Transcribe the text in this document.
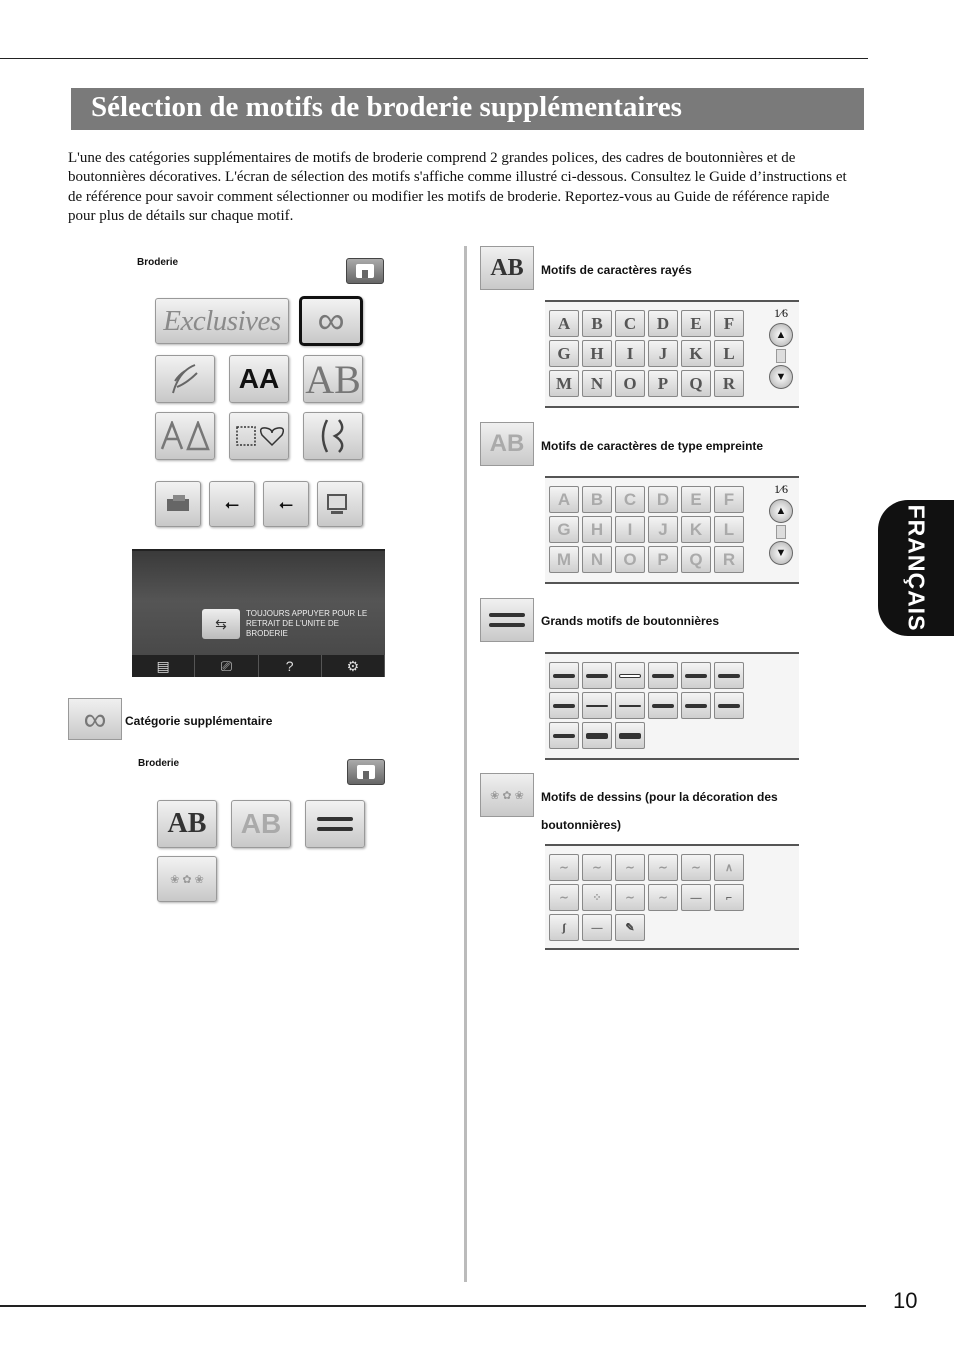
Sélection de motifs de broderie supplémentaires

L'une des catégories supplémentaires de motifs de broderie comprend 2 grandes polices, des cadres de boutonnières et de boutonnières décoratives. L'écran de sélection des motifs s'affiche comme illustré ci-dessous. Consultez le Guide d’instructions et de référence pour savoir comment sélectionner ou modifier les motifs de broderie. Reportez-vous au Guide de référence rapide pour plus de détails sur chaque motif.

FRANÇAIS
Broderie
Exclusives ∞
AA AB
⭠ ⭠
⇆
TOUJOURS APPUYER POUR LE RETRAIT DE L'UNITE DE BRODERIE
▤	⎚	?	⚙
∞ Catégorie supplémentaire
Broderie
AB AB
❀ ✿ ❀
AB Motifs de caractères rayés
A	B	C	D	E	F
G	H	I	J	K	L
M	N	O	P	Q	R
1⁄6
▲
▼
AB Motifs de caractères de type empreinte
A	B	C	D	E	F
G	H	I	J	K	L
M	N	O	P	Q	R
1⁄6
▲
▼
Grands motifs de boutonnières
❀ ✿ ❀ Motifs de dessins (pour la décoration des
boutonnières)
∼ ∼ ∼ ∼ ∼ ∧
∼ ⁘ ∼ ∼ — ⌐
ʃ — ✎
10
